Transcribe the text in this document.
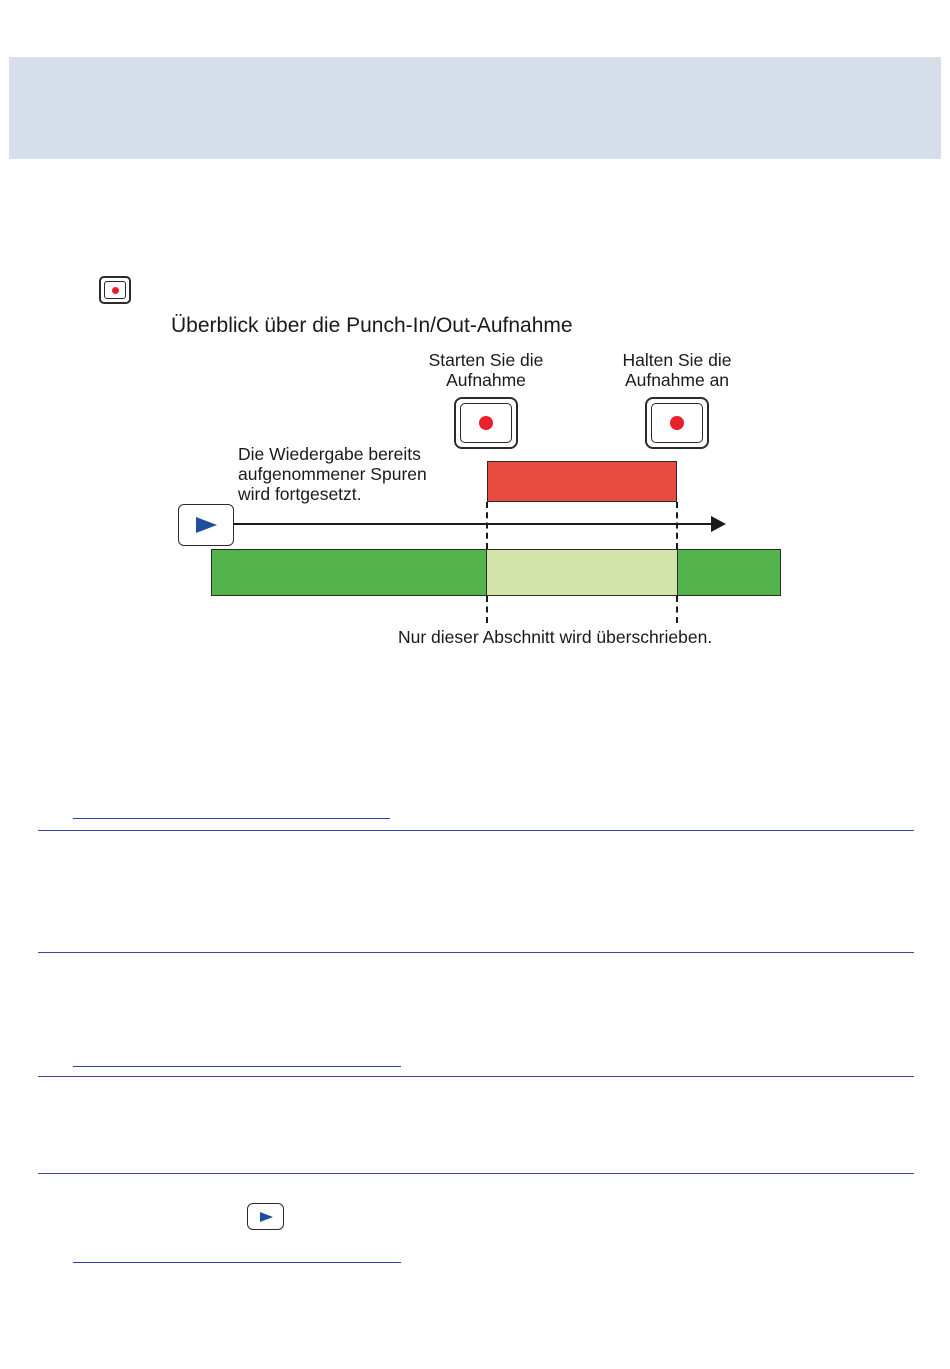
Überblick über die Punch-In/Out-Aufnahme
Starten Sie die
Aufnahme
Halten Sie die
Aufnahme an
Die Wiedergabe bereits
aufgenommener Spuren
wird fortgesetzt.
Nur dieser Abschnitt wird überschrieben.
